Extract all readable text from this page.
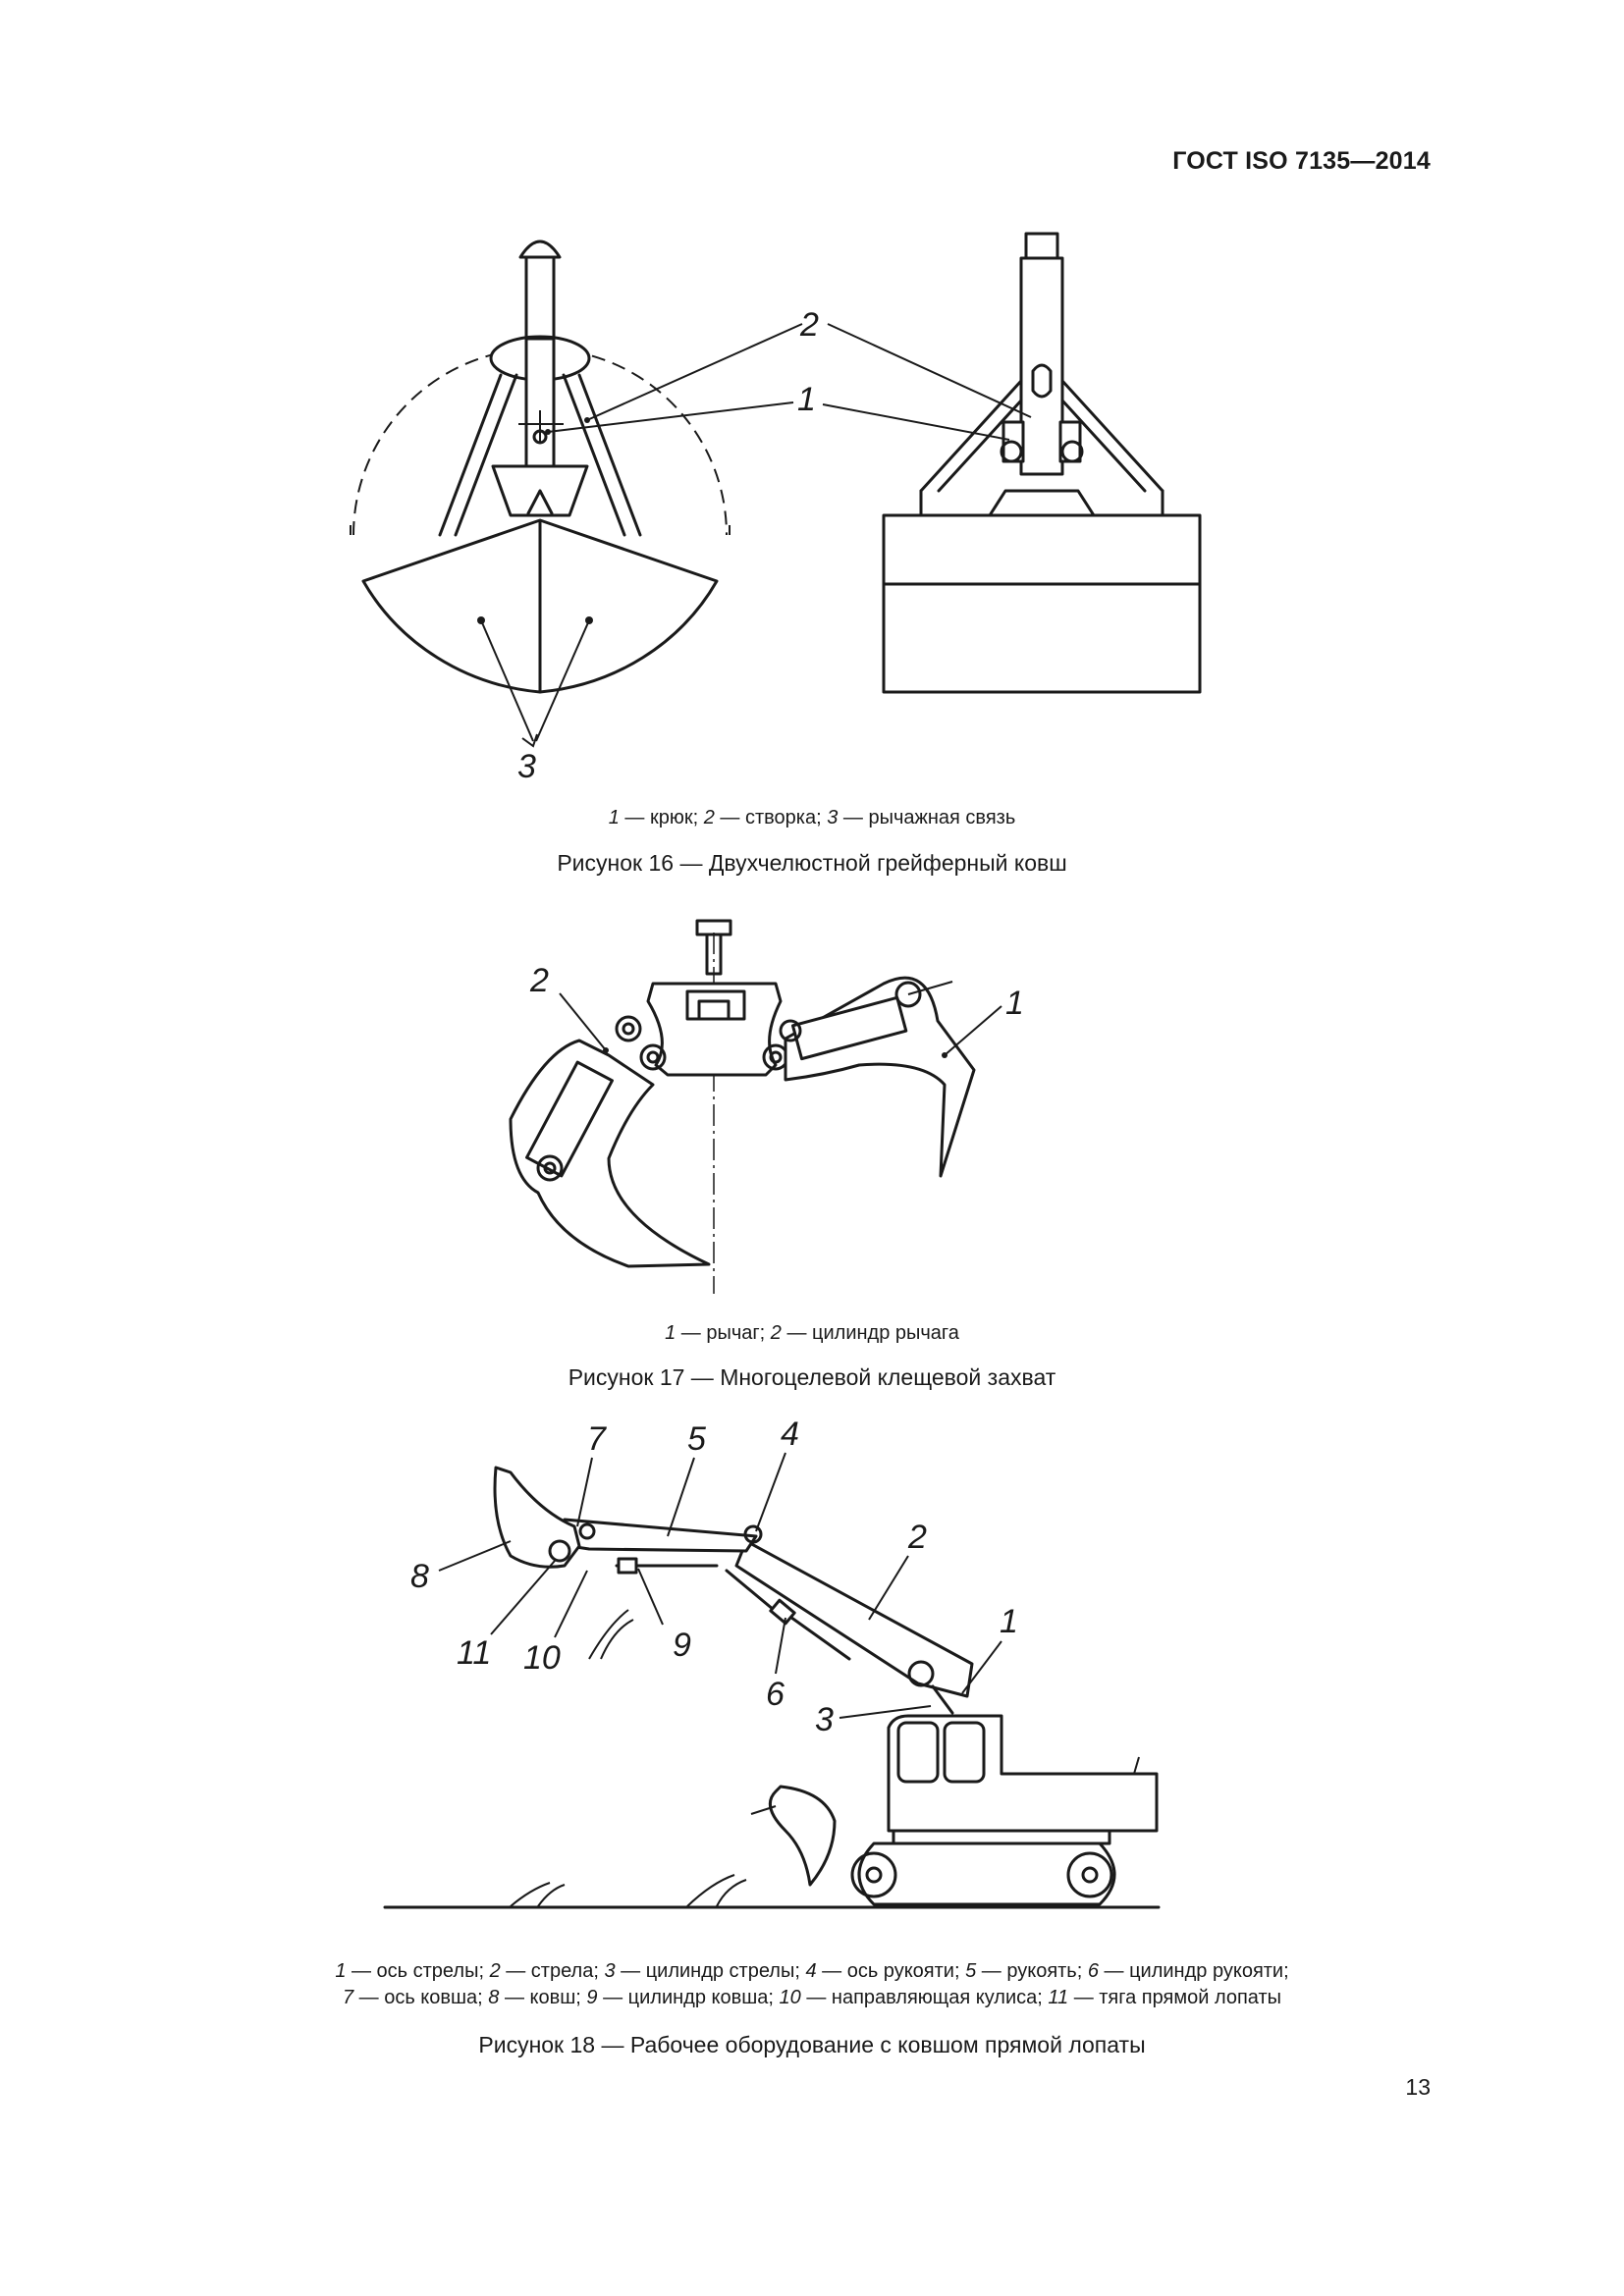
ГОСТ ISO 7135—2014
2
1
3
1 — крюк; 2 — створка; 3 — рычажная связь
Рисунок 16 — Двухчелюстной грейферный ковш
1
2
1 — рычаг; 2 — цилиндр рычага
Рисунок 17 — Многоцелевой клещевой захват
1
2
3
4
5
6
7
8
9
10
11
1 — ось стрелы; 2 — стрела; 3 — цилиндр стрелы; 4 — ось рукояти; 5 — рукоять; 6 — цилиндр рукояти;
7 — ось ковша; 8 — ковш; 9 — цилиндр ковша; 10 — направляющая кулиса; 11 — тяга прямой лопаты
Рисунок 18 — Рабочее оборудование с ковшом прямой лопаты
13
